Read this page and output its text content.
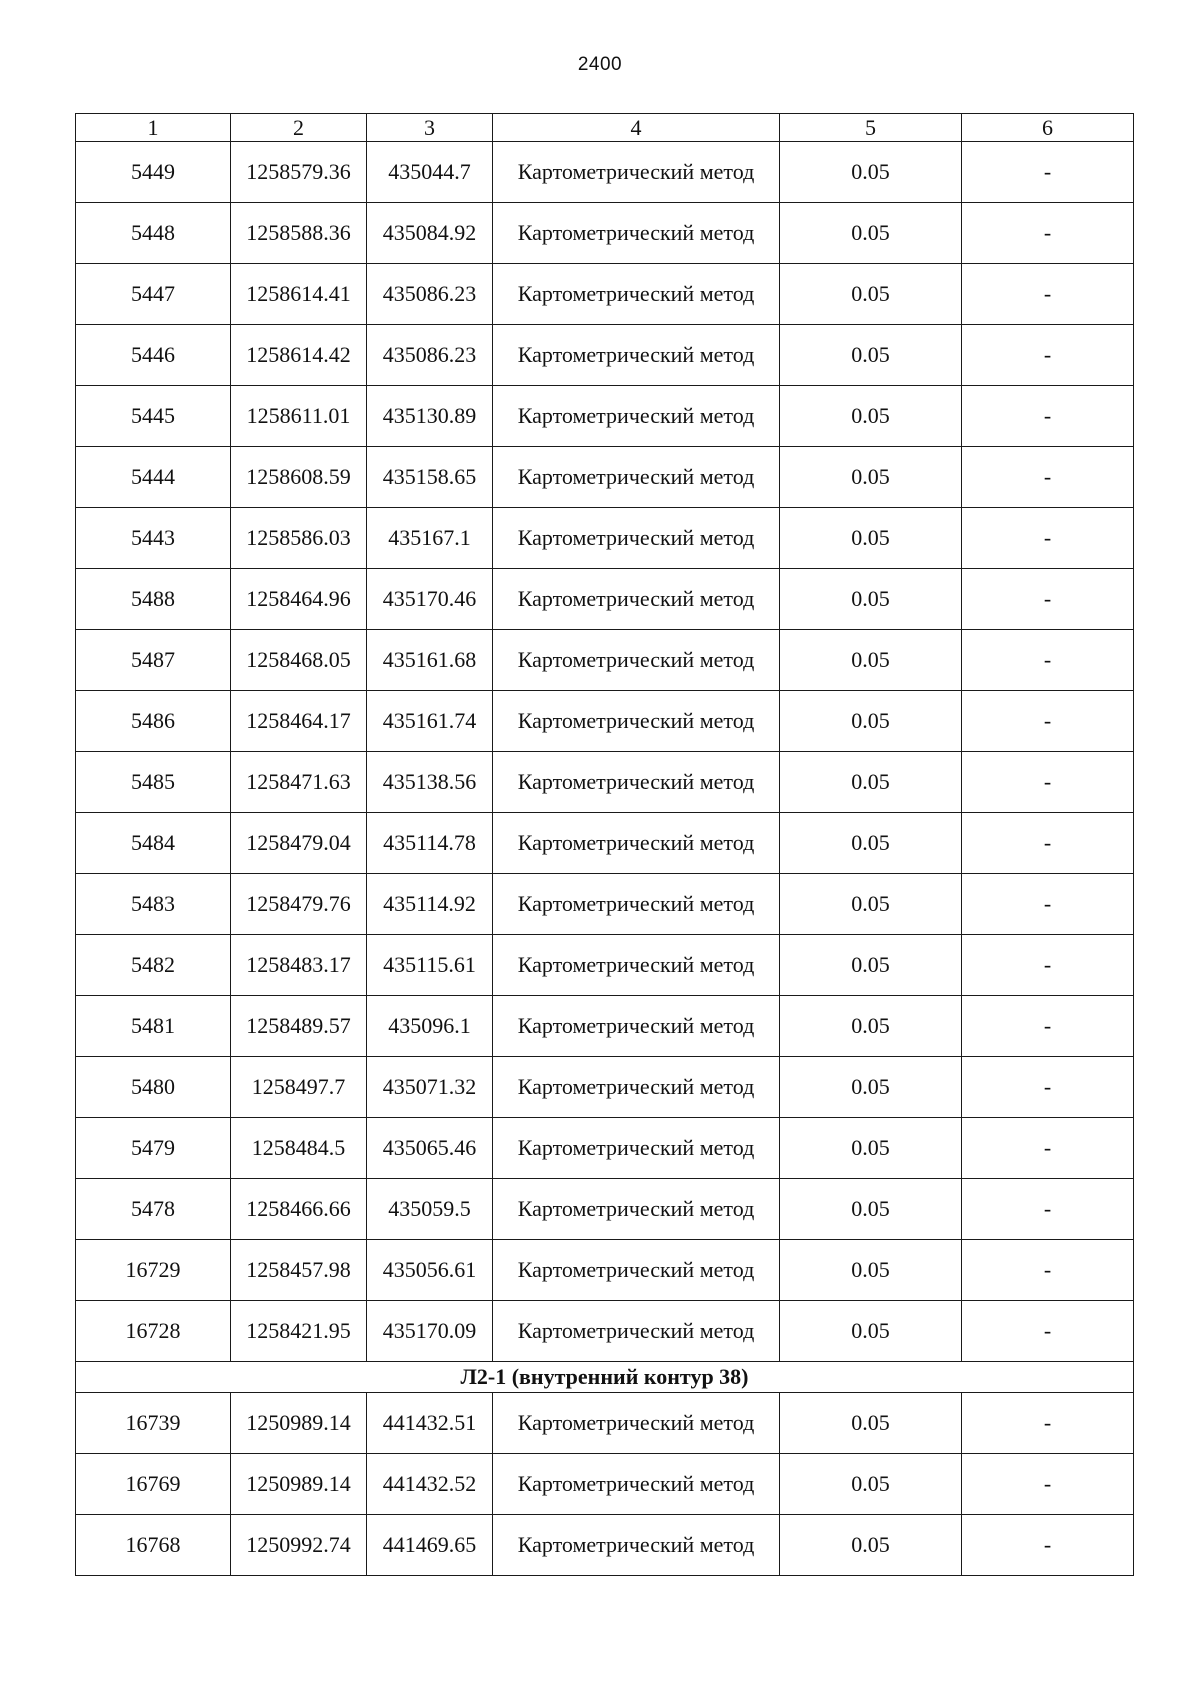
2400
1	2	3	4	5	6
5449	1258579.36	435044.7	Картометрический метод	0.05	-
5448	1258588.36	435084.92	Картометрический метод	0.05	-
5447	1258614.41	435086.23	Картометрический метод	0.05	-
5446	1258614.42	435086.23	Картометрический метод	0.05	-
5445	1258611.01	435130.89	Картометрический метод	0.05	-
5444	1258608.59	435158.65	Картометрический метод	0.05	-
5443	1258586.03	435167.1	Картометрический метод	0.05	-
5488	1258464.96	435170.46	Картометрический метод	0.05	-
5487	1258468.05	435161.68	Картометрический метод	0.05	-
5486	1258464.17	435161.74	Картометрический метод	0.05	-
5485	1258471.63	435138.56	Картометрический метод	0.05	-
5484	1258479.04	435114.78	Картометрический метод	0.05	-
5483	1258479.76	435114.92	Картометрический метод	0.05	-
5482	1258483.17	435115.61	Картометрический метод	0.05	-
5481	1258489.57	435096.1	Картометрический метод	0.05	-
5480	1258497.7	435071.32	Картометрический метод	0.05	-
5479	1258484.5	435065.46	Картометрический метод	0.05	-
5478	1258466.66	435059.5	Картометрический метод	0.05	-
16729	1258457.98	435056.61	Картометрический метод	0.05	-
16728	1258421.95	435170.09	Картометрический метод	0.05	-
Л2-1 (внутренний контур 38)					
16739	1250989.14	441432.51	Картометрический метод	0.05	-
16769	1250989.14	441432.52	Картометрический метод	0.05	-
16768	1250992.74	441469.65	Картометрический метод	0.05	-
